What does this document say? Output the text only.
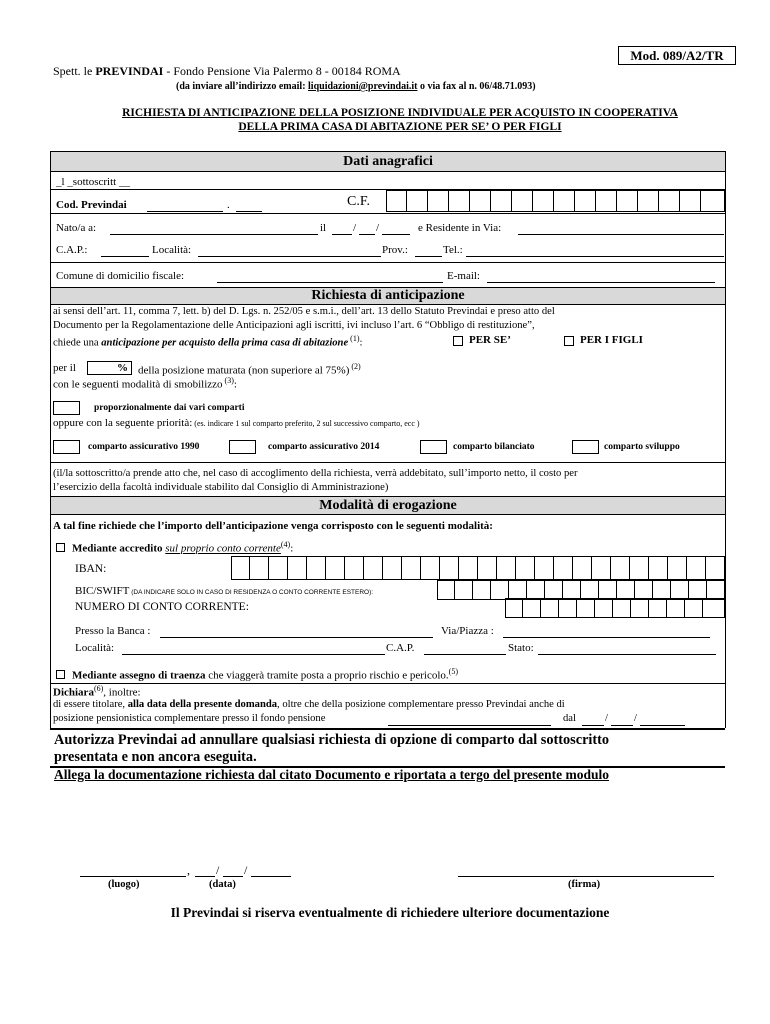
Mod. 089/A2/TR
Spett. le PREVINDAI - Fondo Pensione Via Palermo 8 - 00184 ROMA
(da inviare all’indirizzo email: liquidazioni@previndai.it o via fax al n. 06/48.71.093)
RICHIESTA DI ANTICIPAZIONE DELLA POSIZIONE INDIVIDUALE PER ACQUISTO IN COOPERATIVA
DELLA PRIMA CASA DI ABITAZIONE PER SE’ O PER FIGLI
Dati anagrafici
_l _sottoscritt __
Cod. Previndai	.	C.F.
Nato/a a:	il / /	e Residente in Via:
C.A.P.:	Località:	Prov.:	Tel.:
Comune di domicilio fiscale:	E-mail:
Richiesta di anticipazione
ai sensi dell’art. 11, comma 7, lett. b) del D. Lgs. n. 252/05 e s.m.i., dell’art. 13 dello Statuto Previndai e preso atto del
Documento per la Regolamentazione delle Anticipazioni agli iscritti, ivi incluso l’art. 6 “Obbligo di restituzione”,
chiede una anticipazione per acquisto della prima casa di abitazione $^{(1)}$:	PER SE’	PER I FIGLI
per il	% della posizione maturata (non superiore al 75%) $^{(2)}$
con le seguenti modalità di smobilizzo $^{(3)}$:
proporzionalmente dai vari comparti
oppure con la seguente priorità: (es. indicare 1 sul comparto preferito, 2 sul successivo comparto, ecc )
comparto assicurativo 1990	comparto assicurativo 2014	comparto bilanciato	comparto sviluppo
(il/la sottoscritto/a prende atto che, nel caso di accoglimento della richiesta, verrà addebitato, sull’importo netto, il costo per
l’esercizio della facoltà individuale stabilito dal Consiglio di Amministrazione)
Modalità di erogazione
A tal fine richiede che l’importo dell’anticipazione venga corrisposto con le seguenti modalità:
Mediante accredito sul proprio conto corrente$^{(4)}$:
IBAN:
BIC/SWIFT (DA INDICARE SOLO IN CASO DI RESIDENZA O CONTO CORRENTE ESTERO):
NUMERO DI CONTO CORRENTE:
Presso la Banca :	Via/Piazza :
Località:	C.A.P.	Stato:
Mediante assegno di traenza che viaggerà tramite posta a proprio rischio e pericolo.$^{(5)}$
Dichiara$^{(6)}$, inoltre:
di essere titolare, alla data della presente domanda, oltre che della posizione complementare presso Previndai anche di
posizione pensionistica complementare presso il fondo pensione	dal	/ /
Autorizza Previndai ad annullare qualsiasi richiesta di opzione di comparto dal sottoscritto
presentata e non ancora eseguita.
Allega la documentazione richiesta dal citato Documento e riportata a tergo del presente modulo
, / /
(luogo)	(data)	(firma)
Il Previndai si riserva eventualmente di richiedere ulteriore documentazione
